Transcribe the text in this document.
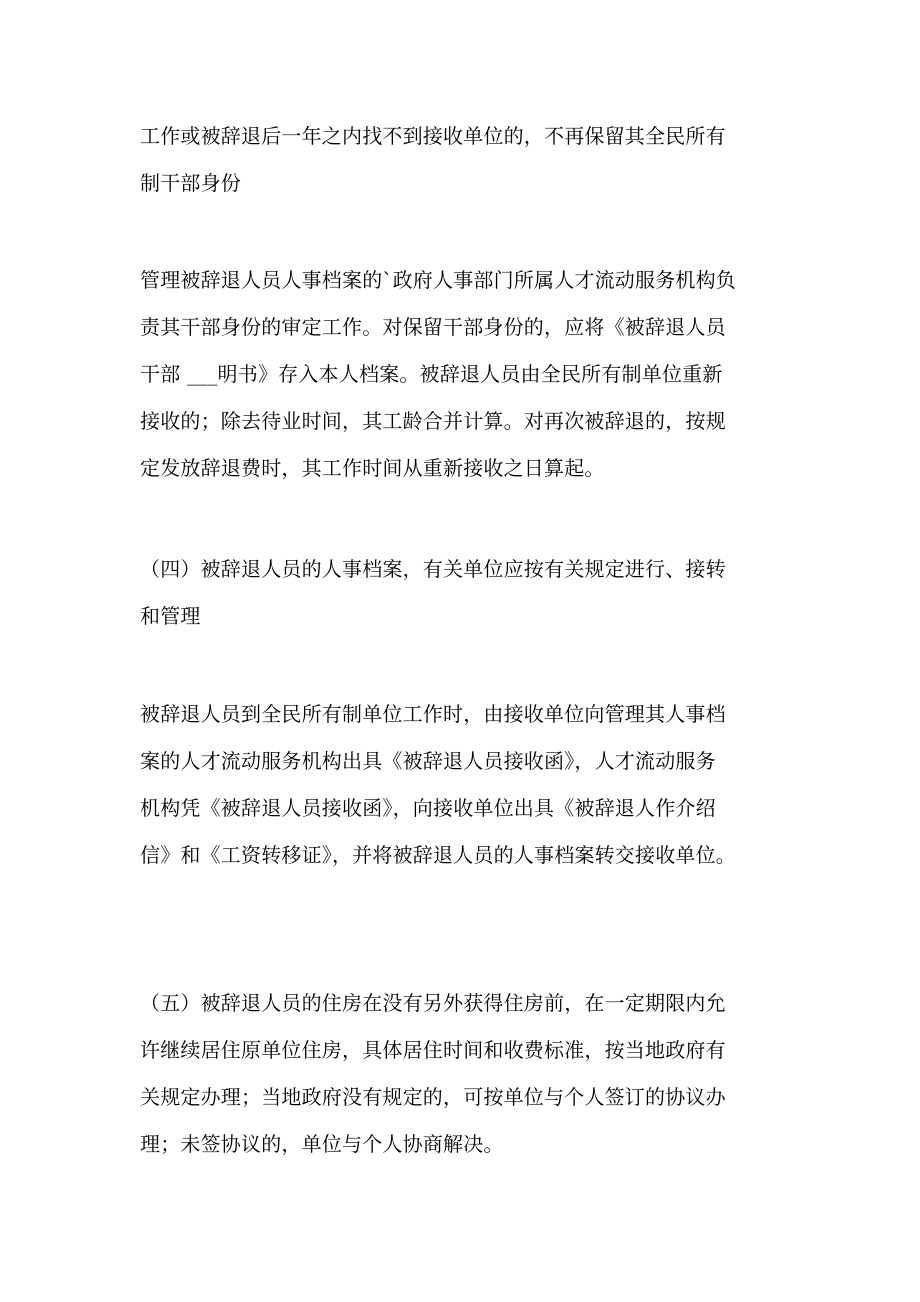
工作或被辞退后一年之内找不到接收单位的，不再保留其全民所有
制干部身份
管理被辞退人员人事档案的`政府人事部门所属人才流动服务机构负
责其干部身份的审定工作。对保留干部身份的，应将《被辞退人员
干部 ___明书》存入本人档案。被辞退人员由全民所有制单位重新
接收的；除去待业时间，其工龄合并计算。对再次被辞退的，按规
定发放辞退费时，其工作时间从重新接收之日算起。
（四）被辞退人员的人事档案，有关单位应按有关规定进行、接转
和管理
被辞退人员到全民所有制单位工作时，由接收单位向管理其人事档
案的人才流动服务机构出具《被辞退人员接收函》，人才流动服务
机构凭《被辞退人员接收函》，向接收单位出具《被辞退人作介绍
信》和《工资转移证》，并将被辞退人员的人事档案转交接收单位。
（五）被辞退人员的住房在没有另外获得住房前，在一定期限内允
许继续居住原单位住房，具体居住时间和收费标准，按当地政府有
关规定办理；当地政府没有规定的，可按单位与个人签订的协议办
理；未签协议的，单位与个人协商解决。
